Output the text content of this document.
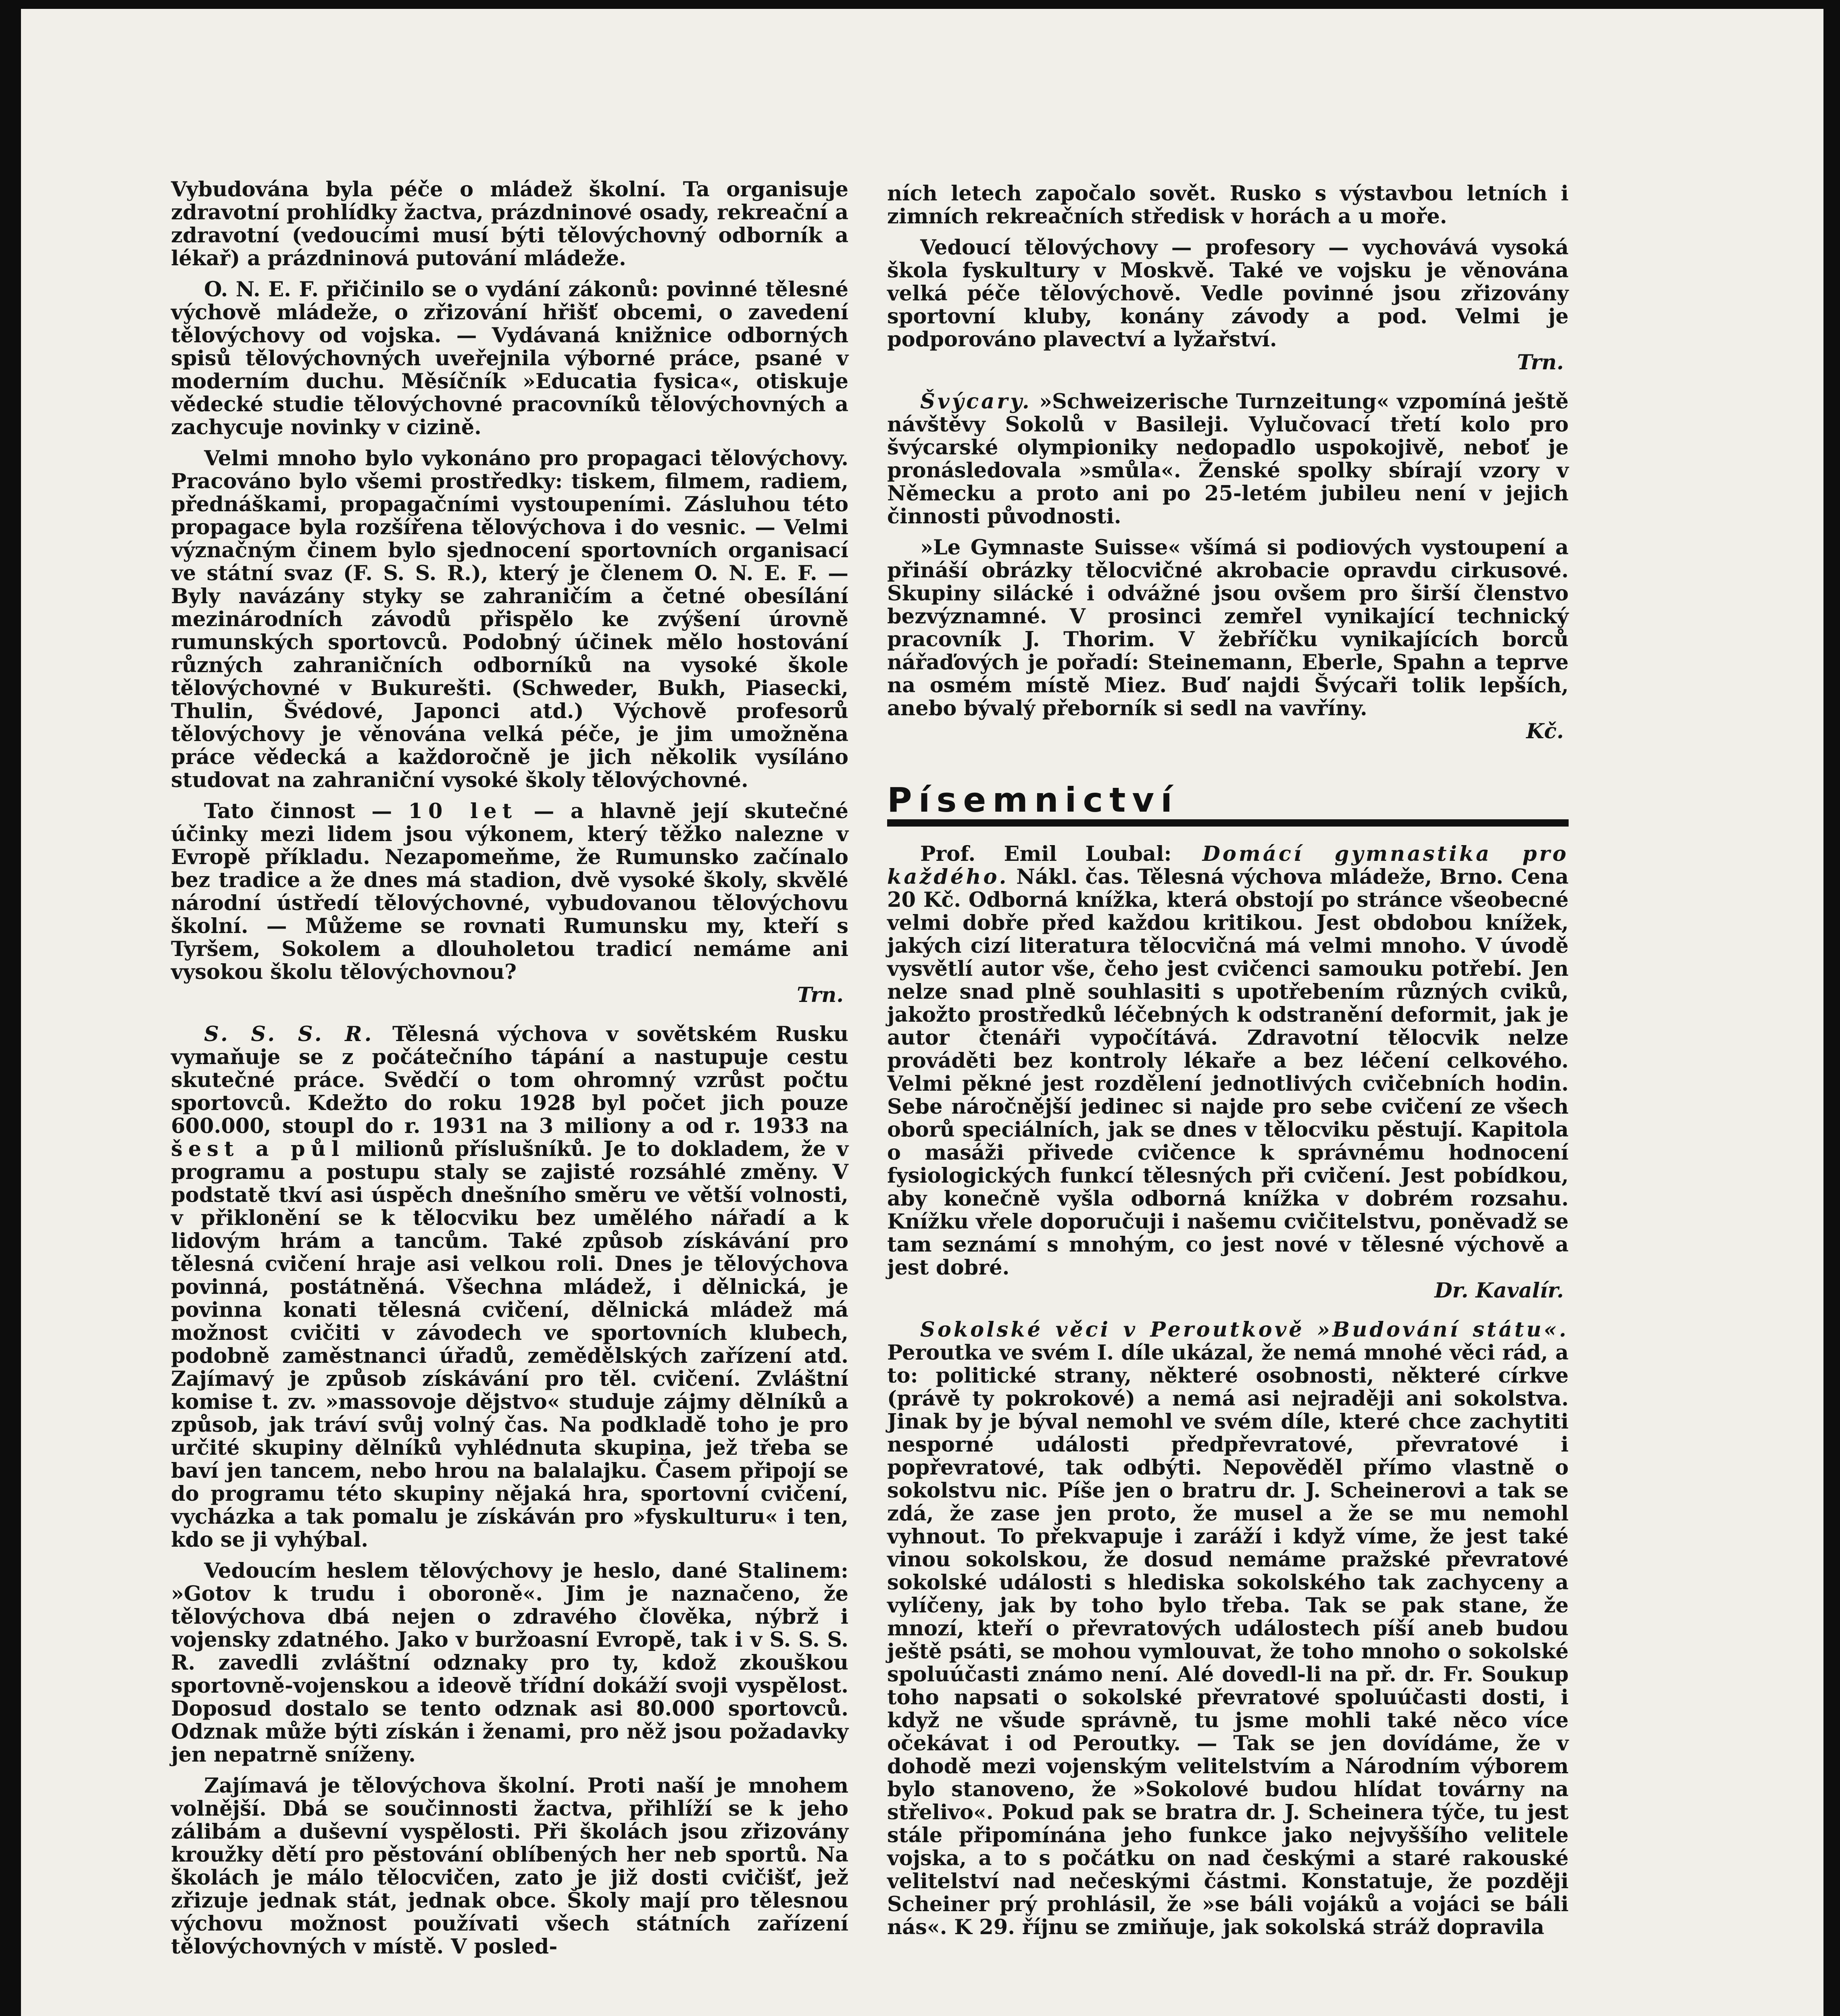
Vybudována byla péče o mládež školní. Ta organisuje zdravotní prohlídky žactva, prázdninové osady, rekreační a zdravotní (vedoucími musí býti tělovýchovný odborník a lékař) a prázdninová putování mládeže.

O. N. E. F. přičinilo se o vydání zákonů: povinné tělesné výchově mládeže, o zřizování hřišť obcemi, o zavedení tělovýchovy od vojska. — Vydávaná knižnice odborných spisů tělovýchovných uveřejnila výborné práce, psané v moderním duchu. Měsíčník »Educatia fysica«, otiskuje vědecké studie tělovýchovné pracovníků tělovýchovných a zachycuje novinky v cizině.

Velmi mnoho bylo vykonáno pro propagaci tělovýchovy. Pracováno bylo všemi prostředky: tiskem, filmem, radiem, přednáškami, propagačními vystoupeními. Zásluhou této propagace byla rozšířena tělovýchova i do vesnic. — Velmi význačným činem bylo sjednocení sportovních organisací ve státní svaz (F. S. S. R.), který je členem O. N. E. F. — Byly navázány styky se zahraničím a četné obesílání mezinárodních závodů přispělo ke zvýšení úrovně rumunských sportovců. Podobný účinek mělo hostování různých zahraničních odborníků na vysoké škole tělovýchovné v Bukurešti. (Schweder, Bukh, Piasecki, Thulin, Švédové, Japonci atd.) Výchově profesorů tělovýchovy je věnována velká péče, je jim umožněna práce vědecká a každoročně je jich několik vysíláno studovat na zahraniční vysoké školy tělovýchovné.

Tato činnost — 10 let — a hlavně její skutečné účinky mezi lidem jsou výkonem, který těžko nalezne v Evropě příkladu. Nezapomeňme, že Rumunsko začínalo bez tradice a že dnes má stadion, dvě vysoké školy, skvělé národní ústředí tělovýchovné, vybudovanou tělovýchovu školní. — Můžeme se rovnati Rumunsku my, kteří s Tyršem, Sokolem a dlouholetou tradicí nemáme ani vysokou školu tělovýchovnou?
Trn.

S. S. S. R. Tělesná výchova v sovětském Rusku vymaňuje se z počátečního tápání a nastupuje cestu skutečné práce. Svědčí o tom ohromný vzrůst počtu sportovců. Kdežto do roku 1928 byl počet jich pouze 600.000, stoupl do r. 1931 na 3 miliony a od r. 1933 na šest a půl milionů příslušníků. Je to dokladem, že v programu a postupu staly se zajisté rozsáhlé změny. V podstatě tkví asi úspěch dnešního směru ve větší volnosti, v přiklonění se k tělocviku bez umělého nářadí a k lidovým hrám a tancům. Také způsob získávání pro tělesná cvičení hraje asi velkou roli. Dnes je tělovýchova povinná, postátněná. Všechna mládež, i dělnická, je povinna konati tělesná cvičení, dělnická mládež má možnost cvičiti v závodech ve sportovních klubech, podobně zaměstnanci úřadů, zemědělských zařízení atd. Zajímavý je způsob získávání pro těl. cvičení. Zvláštní komise t. zv. »massovoje dějstvo« studuje zájmy dělníků a způsob, jak tráví svůj volný čas. Na podkladě toho je pro určité skupiny dělníků vyhlédnuta skupina, jež třeba se baví jen tancem, nebo hrou na balalajku. Časem připojí se do programu této skupiny nějaká hra, sportovní cvičení, vycházka a tak pomalu je získáván pro »fyskulturu« i ten, kdo se ji vyhýbal.

Vedoucím heslem tělovýchovy je heslo, dané Stalinem: »Gotov k trudu i oboroně«. Jim je naznačeno, že tělovýchova dbá nejen o zdravého člověka, nýbrž i vojensky zdatného. Jako v buržoasní Evropě, tak i v S. S. S. R. zavedli zvláštní odznaky pro ty, kdož zkouškou sportovně-vojenskou a ideově třídní dokáží svoji vyspělost. Doposud dostalo se tento odznak asi 80.000 sportovců. Odznak může býti získán i ženami, pro něž jsou požadavky jen nepatrně sníženy.

Zajímavá je tělovýchova školní. Proti naší je mnohem volnější. Dbá se součinnosti žactva, přihlíží se k jeho zálibám a duševní vyspělosti. Při školách jsou zřizovány kroužky dětí pro pěstování oblíbených her neb sportů. Na školách je málo tělocvičen, zato je již dosti cvičišť, jež zřizuje jednak stát, jednak obce. Školy mají pro tělesnou výchovu možnost používati všech státních zařízení tělovýchovných v místě. V posled-

ních letech započalo sovět. Rusko s výstavbou letních i zimních rekreačních středisk v horách a u moře.

Vedoucí tělovýchovy — profesory — vychovává vysoká škola fyskultury v Moskvě. Také ve vojsku je věnována velká péče tělovýchově. Vedle povinné jsou zřizovány sportovní kluby, konány závody a pod. Velmi je podporováno plavectví a lyžařství.
Trn.

Švýcary. »Schweizerische Turnzeitung« vzpomíná ještě návštěvy Sokolů v Basileji. Vylučovací třetí kolo pro švýcarské olympioniky nedopadlo uspokojivě, neboť je pronásledovala »smůla«. Ženské spolky sbírají vzory v Německu a proto ani po 25-letém jubileu není v jejich činnosti původnosti.

»Le Gymnaste Suisse« všímá si podiových vystoupení a přináší obrázky tělocvičné akrobacie opravdu cirkusové. Skupiny silácké i odvážné jsou ovšem pro širší členstvo bezvýznamné. V prosinci zemřel vynikající technický pracovník J. Thorim. V žebříčku vynikajících borců nářaďových je pořadí: Steinemann, Eberle, Spahn a teprve na osmém místě Miez. Buď najdi Švýcaři tolik lepších, anebo bývalý přeborník si sedl na vavříny.
Kč.

Písemnictví

Prof. Emil Loubal: Domácí gymnastika pro každého. Nákl. čas. Tělesná výchova mládeže, Brno. Cena 20 Kč. Odborná knížka, která obstojí po stránce všeobecné velmi dobře před každou kritikou. Jest obdobou knížek, jakých cizí literatura tělocvičná má velmi mnoho. V úvodě vysvětlí autor vše, čeho jest cvičenci samouku potřebí. Jen nelze snad plně souhlasiti s upotřebením různých cviků, jakožto prostředků léčebných k odstranění deformit, jak je autor čtenáři vypočítává. Zdravotní tělocvik nelze prováděti bez kontroly lékaře a bez léčení celkového. Velmi pěkné jest rozdělení jednotlivých cvičebních hodin. Sebe náročnější jedinec si najde pro sebe cvičení ze všech oborů speciálních, jak se dnes v tělocviku pěstují. Kapitola o masáži přivede cvičence k správnému hodnocení fysiologických funkcí tělesných při cvičení. Jest pobídkou, aby konečně vyšla odborná knížka v dobrém rozsahu. Knížku vřele doporučuji i našemu cvičitelstvu, poněvadž se tam seznámí s mnohým, co jest nové v tělesné výchově a jest dobré.
Dr. Kavalír.

Sokolské věci v Peroutkově »Budování státu«. Peroutka ve svém I. díle ukázal, že nemá mnohé věci rád, a to: politické strany, některé osobnosti, některé církve (právě ty pokrokové) a nemá asi nejraději ani sokolstva. Jinak by je býval nemohl ve svém díle, které chce zachytiti nesporné události předpřevratové, převratové i popřevratové, tak odbýti. Nepověděl přímo vlastně o sokolstvu nic. Píše jen o bratru dr. J. Scheinerovi a tak se zdá, že zase jen proto, že musel a že se mu nemohl vyhnout. To překvapuje i zaráží i když víme, že jest také vinou sokolskou, že dosud nemáme pražské převratové sokolské události s hlediska sokolského tak zachyceny a vylíčeny, jak by toho bylo třeba. Tak se pak stane, že mnozí, kteří o převratových událostech píší aneb budou ještě psáti, se mohou vymlouvat, že toho mnoho o sokolské spoluúčasti známo není. Alé dovedl-li na př. dr. Fr. Soukup toho napsati o sokolské převratové spoluúčasti dosti, i když ne všude správně, tu jsme mohli také něco více očekávat i od Peroutky. — Tak se jen dovídáme, že v dohodě mezi vojenským velitelstvím a Národním výborem bylo stanoveno, že »Sokolové budou hlídat továrny na střelivo«. Pokud pak se bratra dr. J. Scheinera týče, tu jest stále připomínána jeho funkce jako nejvyššího velitele vojska, a to s počátku on nad českými a staré rakouské velitelství nad nečeskými částmi. Konstatuje, že později Scheiner prý prohlásil, že »se báli vojáků a vojáci se báli nás«. K 29. říjnu se zmiňuje, jak sokolská stráž dopravila
